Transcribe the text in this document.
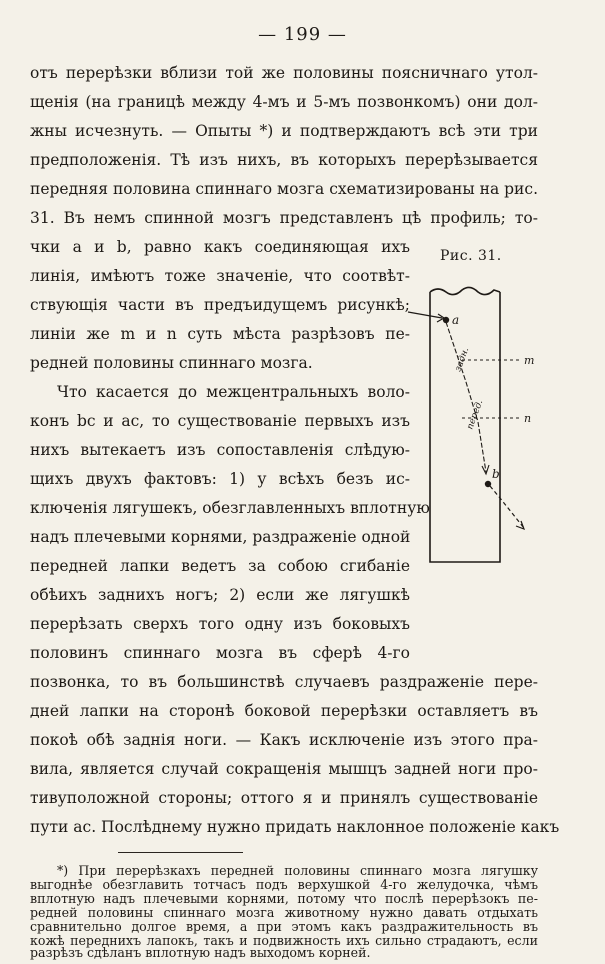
— 199 —
отъ перерѣзки вблизи той же половины поясничнаго утол-
щенія (на границѣ между 4-мъ и 5-мъ позвонкомъ) они дол-
жны исчезнуть. — Опыты *) и подтверждаютъ всѣ эти три
предположенія. Тѣ изъ нихъ, въ которыхъ перерѣзывается
передняя половина спиннаго мозга схематизированы на рис.
31. Въ немъ спинной мозгъ представленъ цѣ профиль; то-
чки a и b, равно какъ соединяющая ихъ
линія, имѣютъ тоже значеніе, что соотвѣт-
ствующія части въ предъидущемъ рисункѣ;
линіи же m и n суть мѣста разрѣзовъ пе-
редней половины спиннаго мозга.
Что касается до межцентральныхъ воло-
конъ bc и ac, то существованіе первыхъ изъ
нихъ вытекаетъ изъ сопоставленія слѣдую-
щихъ двухъ фактовъ: 1) у всѣхъ безъ ис-
ключенія лягушекъ, обезглавленныхъ вплотную
надъ плечевыми корнями, раздраженіе одной
передней лапки ведетъ за собою сгибаніе
обѣихъ заднихъ ногъ; 2) если же лягушкѣ
перерѣзать сверхъ того одну изъ боковыхъ
половинъ спиннаго мозга въ сферѣ 4-го
позвонка, то въ большинствѣ случаевъ раздраженіе пере-
дней лапки на сторонѣ боковой перерѣзки оставляетъ въ
покоѣ обѣ заднія ноги. — Какъ исключеніе изъ этого пра-
вила, является случай сокращенія мышцъ задней ноги про-
тивуположной стороны; оттого я и принялъ существованіе
пути ac. Послѣднему нужно придать наклонное положеніе какъ
*) При перерѣзкахъ передней половины спиннаго мозга лягушку
выгоднѣе обезглавить тотчасъ подъ верхушкой 4-го желудочка, чѣмъ
вплотную надъ плечевыми корнями, потому что послѣ перерѣзокъ пе-
редней половины спиннаго мозга животному нужно давать отдыхать
сравнительно долгое время, а при этомъ какъ раздражительность въ
кожѣ переднихъ лапокъ, такъ и подвижность ихъ сильно страдаютъ, если
разрѣзъ сдѣланъ вплотную надъ выходомъ корней.
Рис. 31.
a
задн.
перед.
b
m
n
